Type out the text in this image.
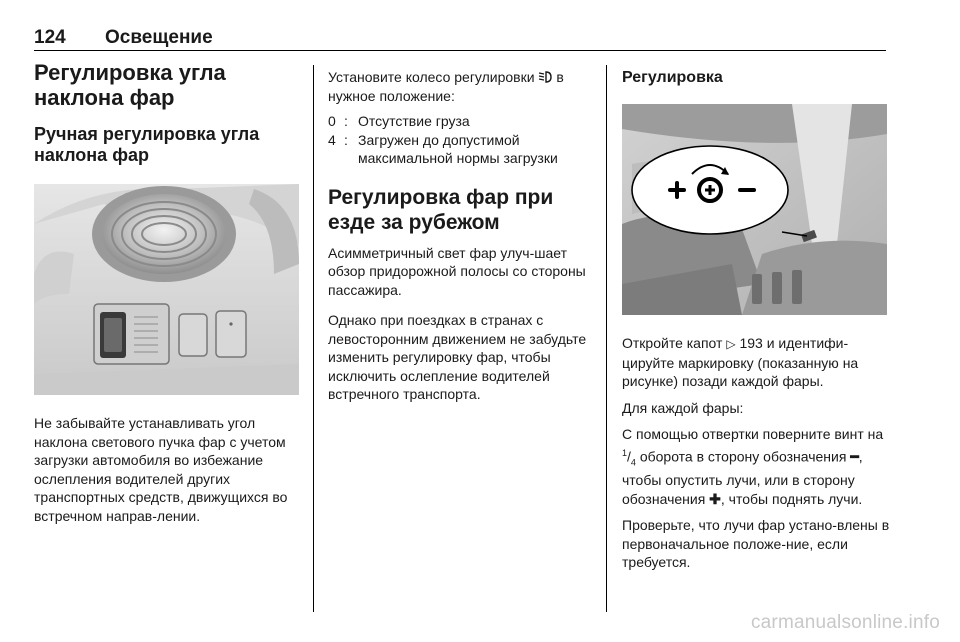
124 Освещение
Регулировка угла наклона фар
Ручная регулировка угла наклона фар

Не забывайте устанавливать угол наклона светового пучка фар с учетом загрузки автомобиля во избежание ослепления водителей других транспортных средств, движущихся во встречном направ-лении.

Установите колесо регулировки в нужное положение:

0 : Отсутствие груза
4 : Загружен до допустимой максимальной нормы загрузки
Регулировка фар при езде за рубежом

Асимметричный свет фар улуч-шает обзор придорожной полосы со стороны пассажира.

Однако при поездках в странах с левосторонним движением не забудьте изменить регулировку фар, чтобы исключить ослепление водителей встречного транспорта.

Регулировка

Откройте капот ▷ 193 и идентифи-цируйте маркировку (показанную на рисунке) позади каждой фары.

Для каждой фары:

С помощью отвертки поверните винт на $^1/_4$ оборота в сторону обозначения ━, чтобы опустить лучи, или в сторону обозначения ✚, чтобы поднять лучи.

Проверьте, что лучи фар устано-влены в первоначальное положе-ние, если требуется.

carmanualsonline.info
